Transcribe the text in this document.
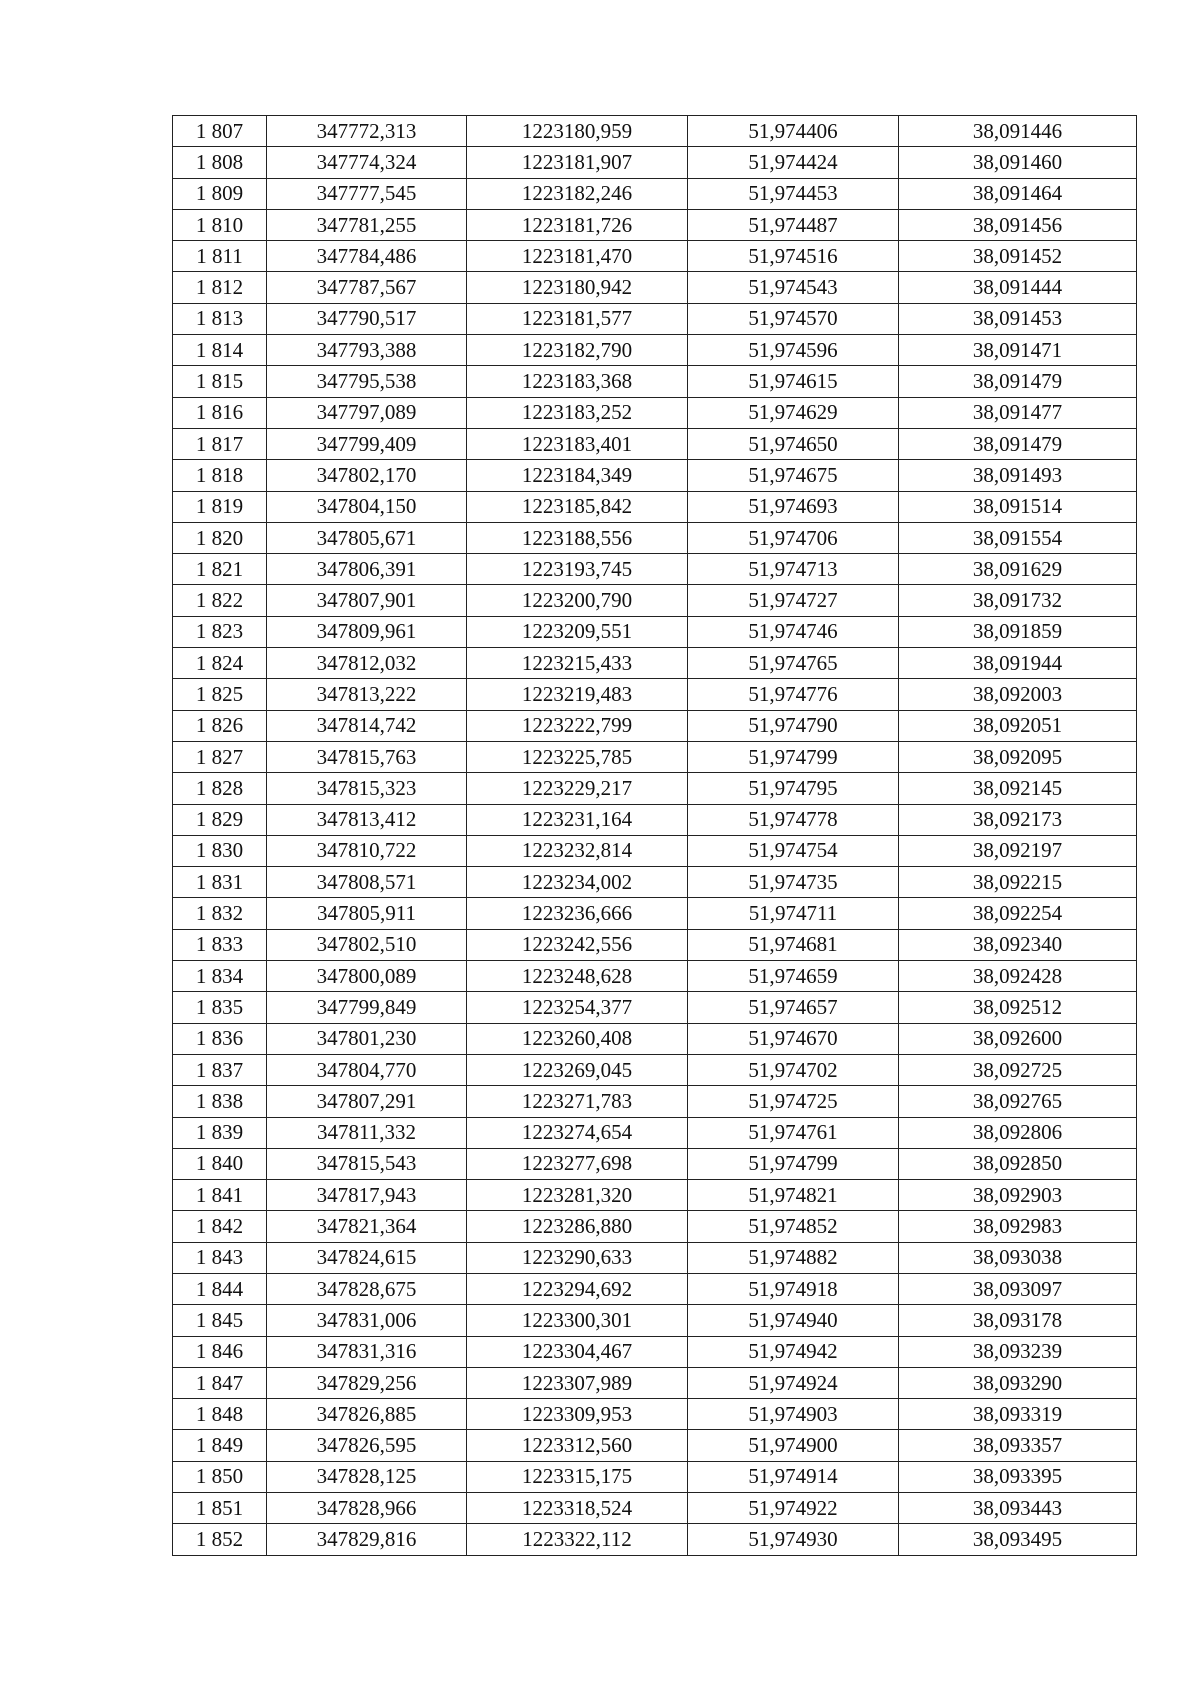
1 807	347772,313	1223180,959	51,974406	38,091446
1 808	347774,324	1223181,907	51,974424	38,091460
1 809	347777,545	1223182,246	51,974453	38,091464
1 810	347781,255	1223181,726	51,974487	38,091456
1 811	347784,486	1223181,470	51,974516	38,091452
1 812	347787,567	1223180,942	51,974543	38,091444
1 813	347790,517	1223181,577	51,974570	38,091453
1 814	347793,388	1223182,790	51,974596	38,091471
1 815	347795,538	1223183,368	51,974615	38,091479
1 816	347797,089	1223183,252	51,974629	38,091477
1 817	347799,409	1223183,401	51,974650	38,091479
1 818	347802,170	1223184,349	51,974675	38,091493
1 819	347804,150	1223185,842	51,974693	38,091514
1 820	347805,671	1223188,556	51,974706	38,091554
1 821	347806,391	1223193,745	51,974713	38,091629
1 822	347807,901	1223200,790	51,974727	38,091732
1 823	347809,961	1223209,551	51,974746	38,091859
1 824	347812,032	1223215,433	51,974765	38,091944
1 825	347813,222	1223219,483	51,974776	38,092003
1 826	347814,742	1223222,799	51,974790	38,092051
1 827	347815,763	1223225,785	51,974799	38,092095
1 828	347815,323	1223229,217	51,974795	38,092145
1 829	347813,412	1223231,164	51,974778	38,092173
1 830	347810,722	1223232,814	51,974754	38,092197
1 831	347808,571	1223234,002	51,974735	38,092215
1 832	347805,911	1223236,666	51,974711	38,092254
1 833	347802,510	1223242,556	51,974681	38,092340
1 834	347800,089	1223248,628	51,974659	38,092428
1 835	347799,849	1223254,377	51,974657	38,092512
1 836	347801,230	1223260,408	51,974670	38,092600
1 837	347804,770	1223269,045	51,974702	38,092725
1 838	347807,291	1223271,783	51,974725	38,092765
1 839	347811,332	1223274,654	51,974761	38,092806
1 840	347815,543	1223277,698	51,974799	38,092850
1 841	347817,943	1223281,320	51,974821	38,092903
1 842	347821,364	1223286,880	51,974852	38,092983
1 843	347824,615	1223290,633	51,974882	38,093038
1 844	347828,675	1223294,692	51,974918	38,093097
1 845	347831,006	1223300,301	51,974940	38,093178
1 846	347831,316	1223304,467	51,974942	38,093239
1 847	347829,256	1223307,989	51,974924	38,093290
1 848	347826,885	1223309,953	51,974903	38,093319
1 849	347826,595	1223312,560	51,974900	38,093357
1 850	347828,125	1223315,175	51,974914	38,093395
1 851	347828,966	1223318,524	51,974922	38,093443
1 852	347829,816	1223322,112	51,974930	38,093495
